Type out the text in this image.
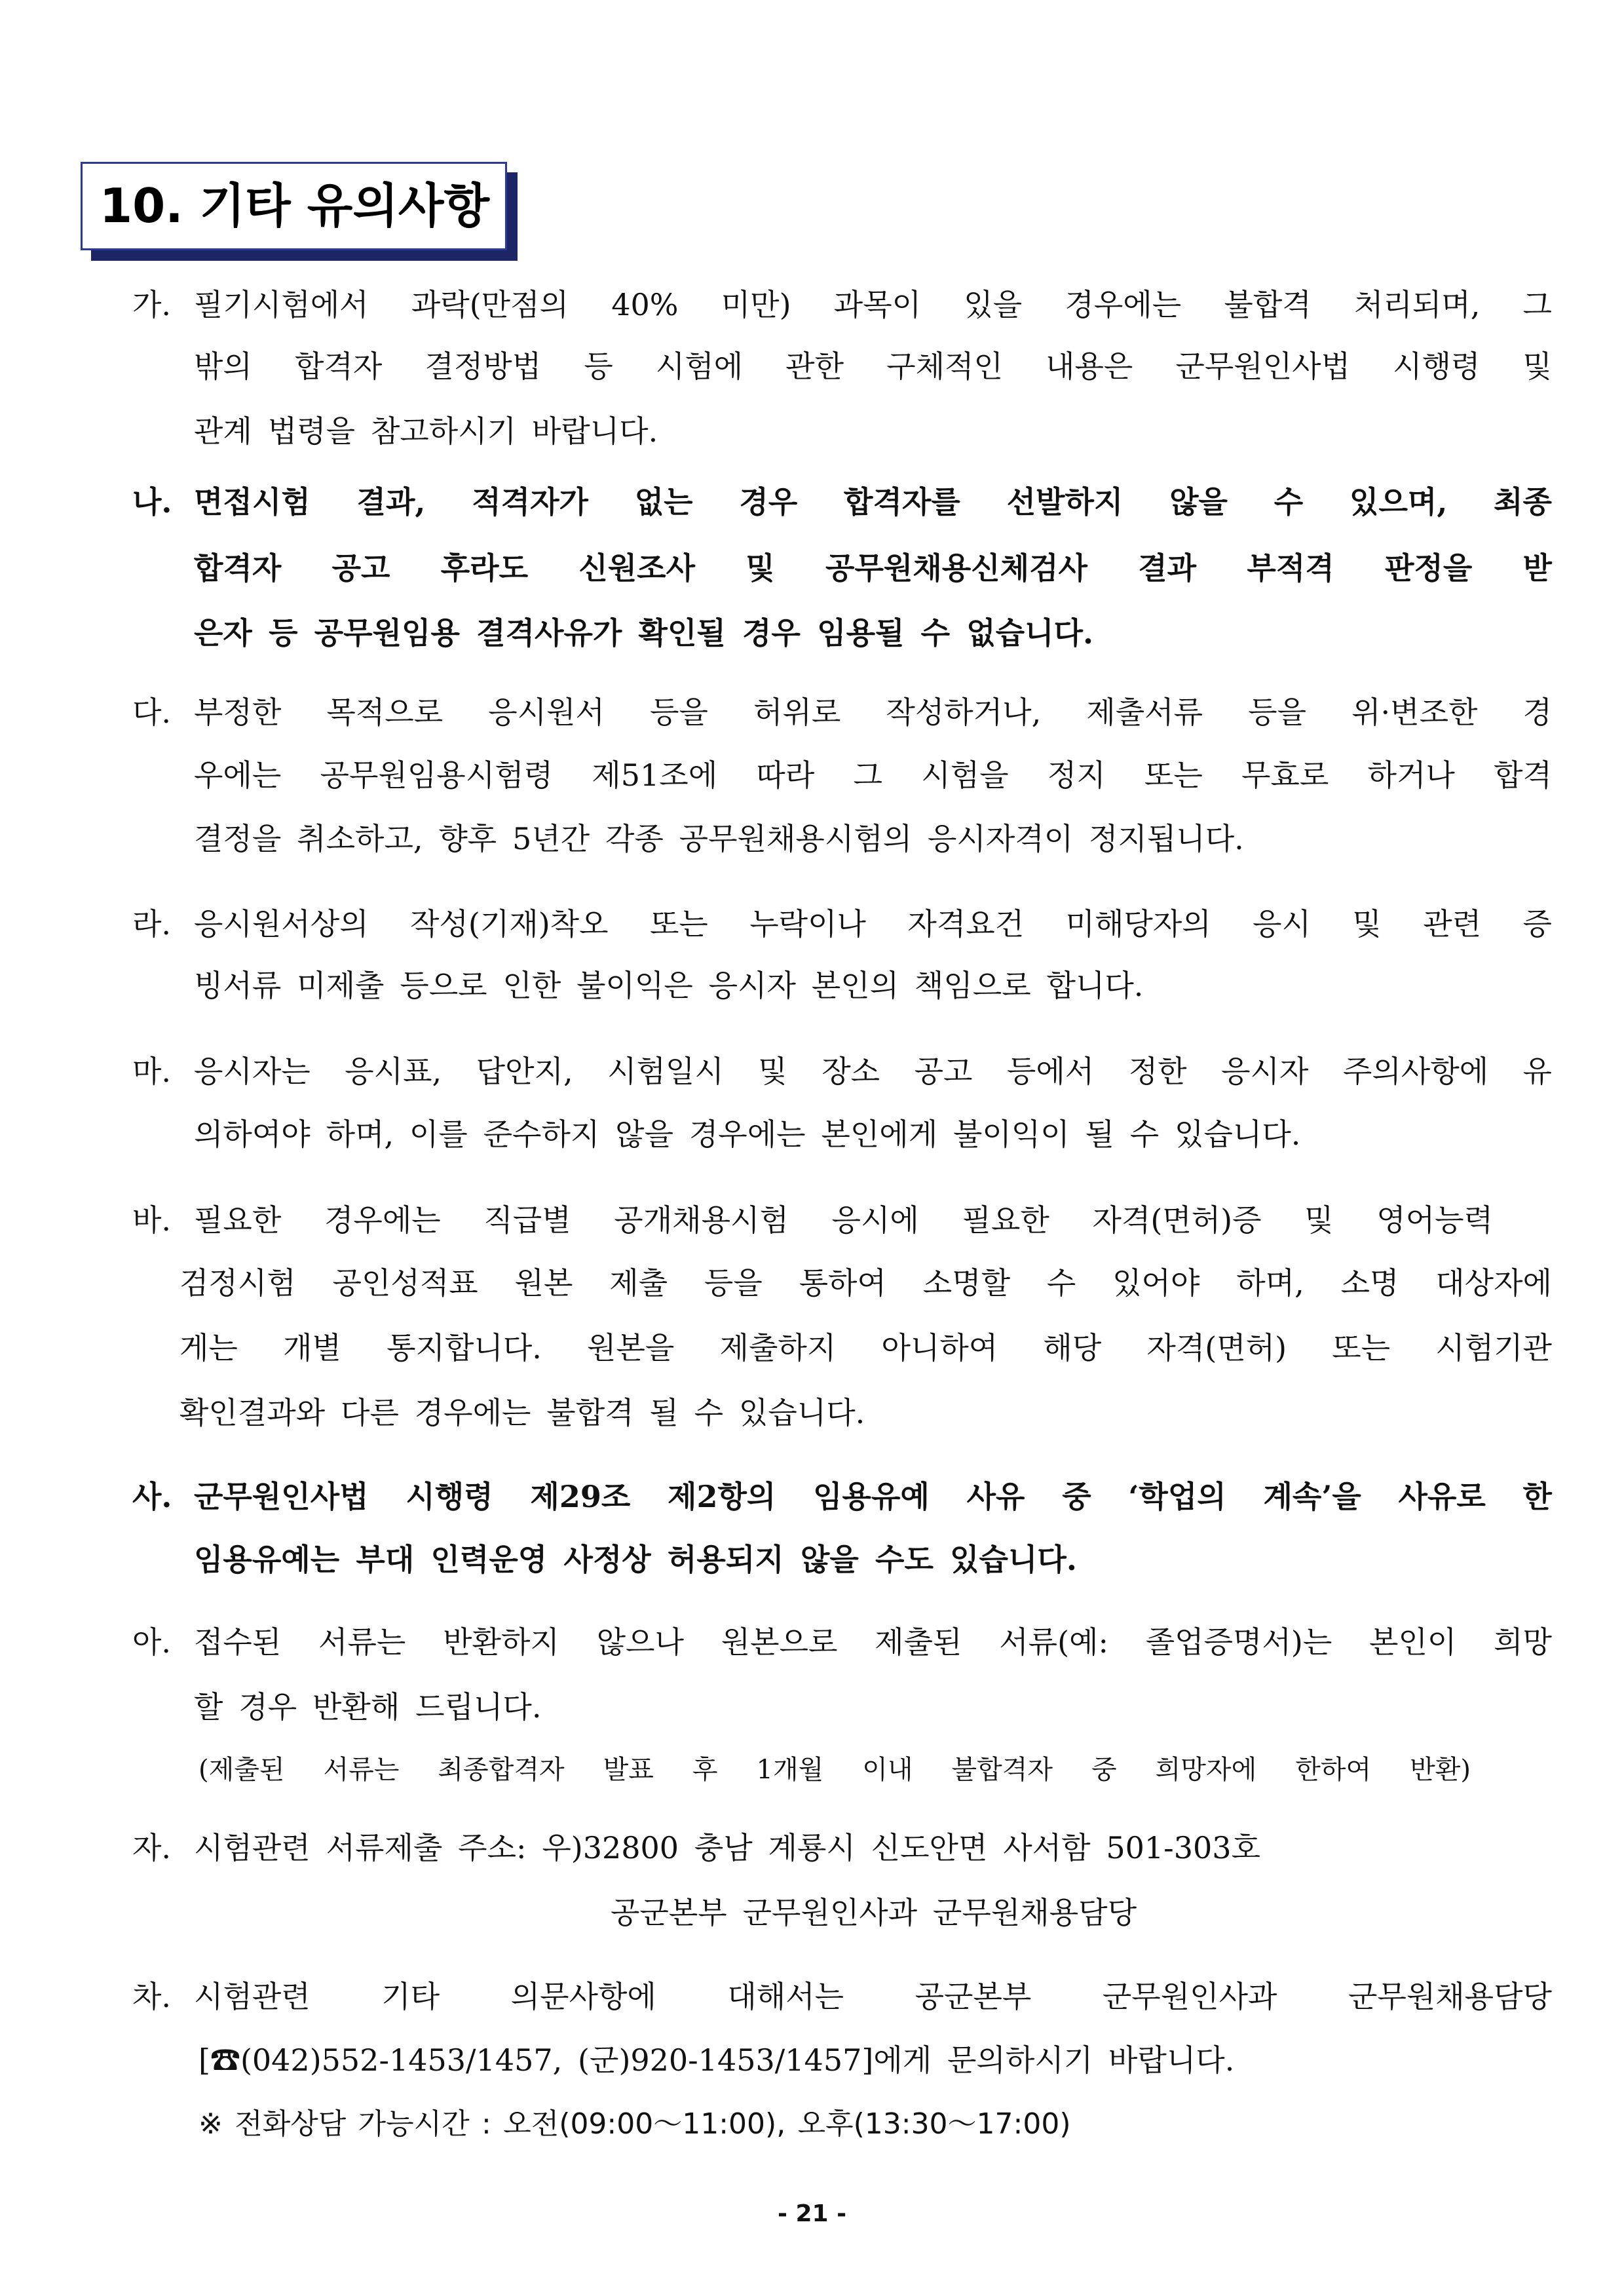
10. 기타 유의사항
가. 필기시험에서 과락(만점의 40% 미만) 과목이 있을 경우에는 불합격 처리되며, 그
밖의 합격자 결정방법 등 시험에 관한 구체적인 내용은 군무원인사법 시행령 및
관계 법령을 참고하시기 바랍니다.
나. 면접시험 결과, 적격자가 없는 경우 합격자를 선발하지 않을 수 있으며, 최종
합격자 공고 후라도 신원조사 및 공무원채용신체검사 결과 부적격 판정을 받
은자 등 공무원임용 결격사유가 확인될 경우 임용될 수 없습니다.
다. 부정한 목적으로 응시원서 등을 허위로 작성하거나, 제출서류 등을 위·변조한 경
우에는 공무원임용시험령 제51조에 따라 그 시험을 정지 또는 무효로 하거나 합격
결정을 취소하고, 향후 5년간 각종 공무원채용시험의 응시자격이 정지됩니다.
라. 응시원서상의 작성(기재)착오 또는 누락이나 자격요건 미해당자의 응시 및 관련 증
빙서류 미제출 등으로 인한 불이익은 응시자 본인의 책임으로 합니다.
마. 응시자는 응시표, 답안지, 시험일시 및 장소 공고 등에서 정한 응시자 주의사항에 유
의하여야 하며, 이를 준수하지 않을 경우에는 본인에게 불이익이 될 수 있습니다.
바. 필요한 경우에는 직급별 공개채용시험 응시에 필요한 자격(면허)증 및 영어능력
검정시험 공인성적표 원본 제출 등을 통하여 소명할 수 있어야 하며, 소명 대상자에
게는 개별 통지합니다. 원본을 제출하지 아니하여 해당 자격(면허) 또는 시험기관
확인결과와 다른 경우에는 불합격 될 수 있습니다.
사. 군무원인사법 시행령 제29조 제2항의 임용유예 사유 중 ‘학업의 계속’을 사유로 한
임용유예는 부대 인력운영 사정상 허용되지 않을 수도 있습니다.
아. 접수된 서류는 반환하지 않으나 원본으로 제출된 서류(예: 졸업증명서)는 본인이 희망
할 경우 반환해 드립니다.
(제출된 서류는 최종합격자 발표 후 1개월 이내 불합격자 중 희망자에 한하여 반환)
자. 시험관련 서류제출 주소: 우)32800 충남 계룡시 신도안면 사서함 501-303호
공군본부 군무원인사과 군무원채용담당
차. 시험관련 기타 의문사항에 대해서는 공군본부 군무원인사과 군무원채용담당
[☎(042)552-1453/1457, (군)920-1453/1457]에게 문의하시기 바랍니다.
※ 전화상담 가능시간 : 오전(09:00～11:00), 오후(13:30～17:00)
- 21 -
